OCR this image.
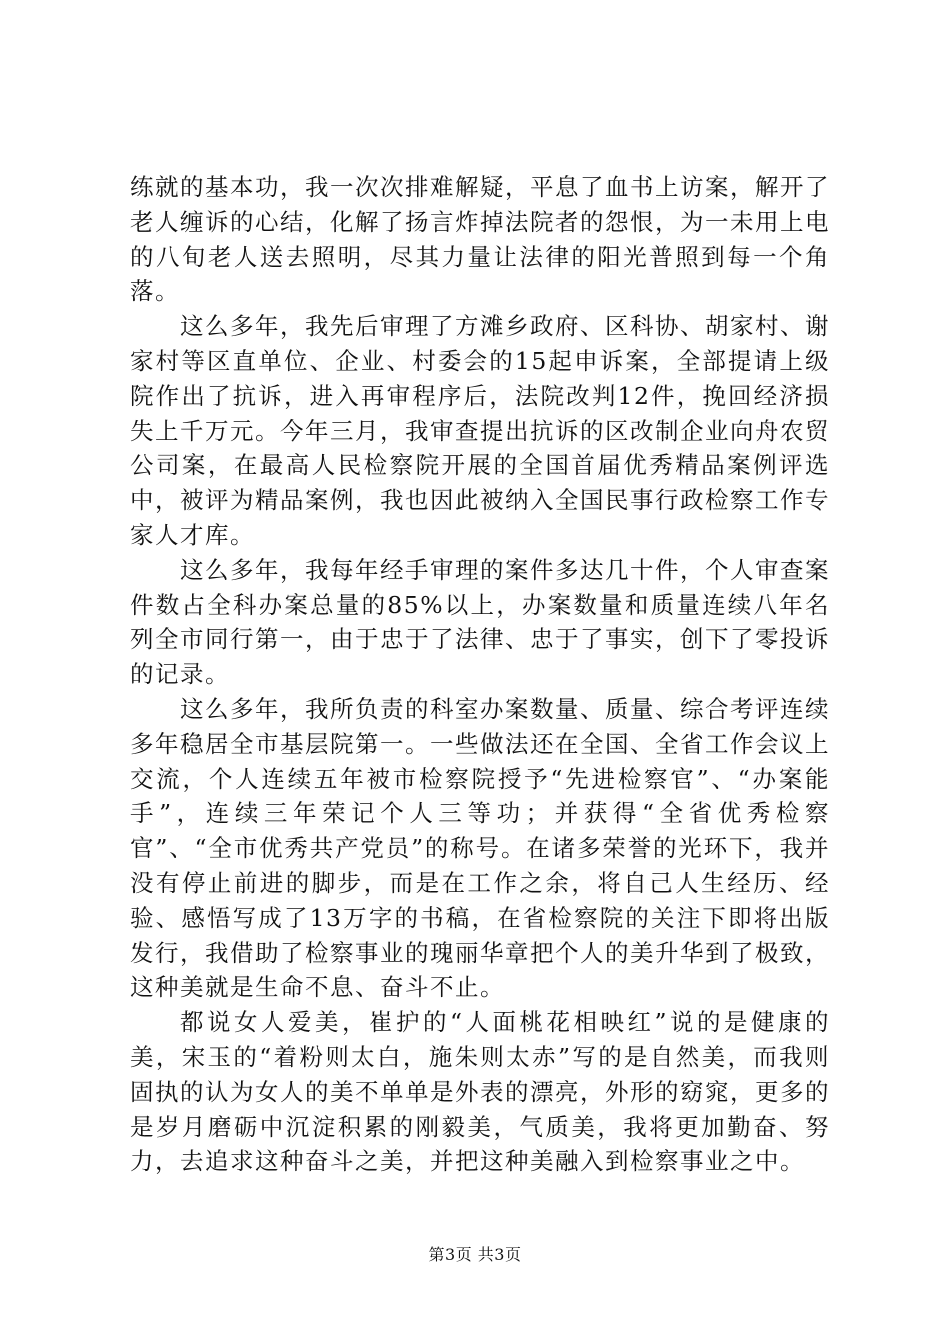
练就的基本功，我一次次排难解疑，平息了血书上访案，解开了老人缠诉的心结，化解了扬言炸掉法院者的怨恨，为一未用上电的八旬老人送去照明，尽其力量让法律的阳光普照到每一个角落。

这么多年，我先后审理了方滩乡政府、区科协、胡家村、谢家村等区直单位、企业、村委会的15起申诉案，全部提请上级院作出了抗诉，进入再审程序后，法院改判12件，挽回经济损失上千万元。今年三月，我审查提出抗诉的区改制企业向舟农贸公司案，在最高人民检察院开展的全国首届优秀精品案例评选中，被评为精品案例，我也因此被纳入全国民事行政检察工作专家人才库。

这么多年，我每年经手审理的案件多达几十件，个人审查案件数占全科办案总量的85%以上，办案数量和质量连续八年名列全市同行第一，由于忠于了法律、忠于了事实，创下了零投诉的记录。

这么多年，我所负责的科室办案数量、质量、综合考评连续多年稳居全市基层院第一。一些做法还在全国、全省工作会议上交流，个人连续五年被市检察院授予“先进检察官”、“办案能手”，连续三年荣记个人三等功；并获得“全省优秀检察官”、“全市优秀共产党员”的称号。在诸多荣誉的光环下，我并没有停止前进的脚步，而是在工作之余，将自己人生经历、经验、感悟写成了13万字的书稿，在省检察院的关注下即将出版发行，我借助了检察事业的瑰丽华章把个人的美升华到了极致，这种美就是生命不息、奋斗不止。

都说女人爱美，崔护的“人面桃花相映红”说的是健康的美，宋玉的“着粉则太白，施朱则太赤”写的是自然美，而我则固执的认为女人的美不单单是外表的漂亮，外形的窈窕，更多的是岁月磨砺中沉淀积累的刚毅美，气质美，我将更加勤奋、努力，去追求这种奋斗之美，并把这种美融入到检察事业之中。

第3页 共3页
